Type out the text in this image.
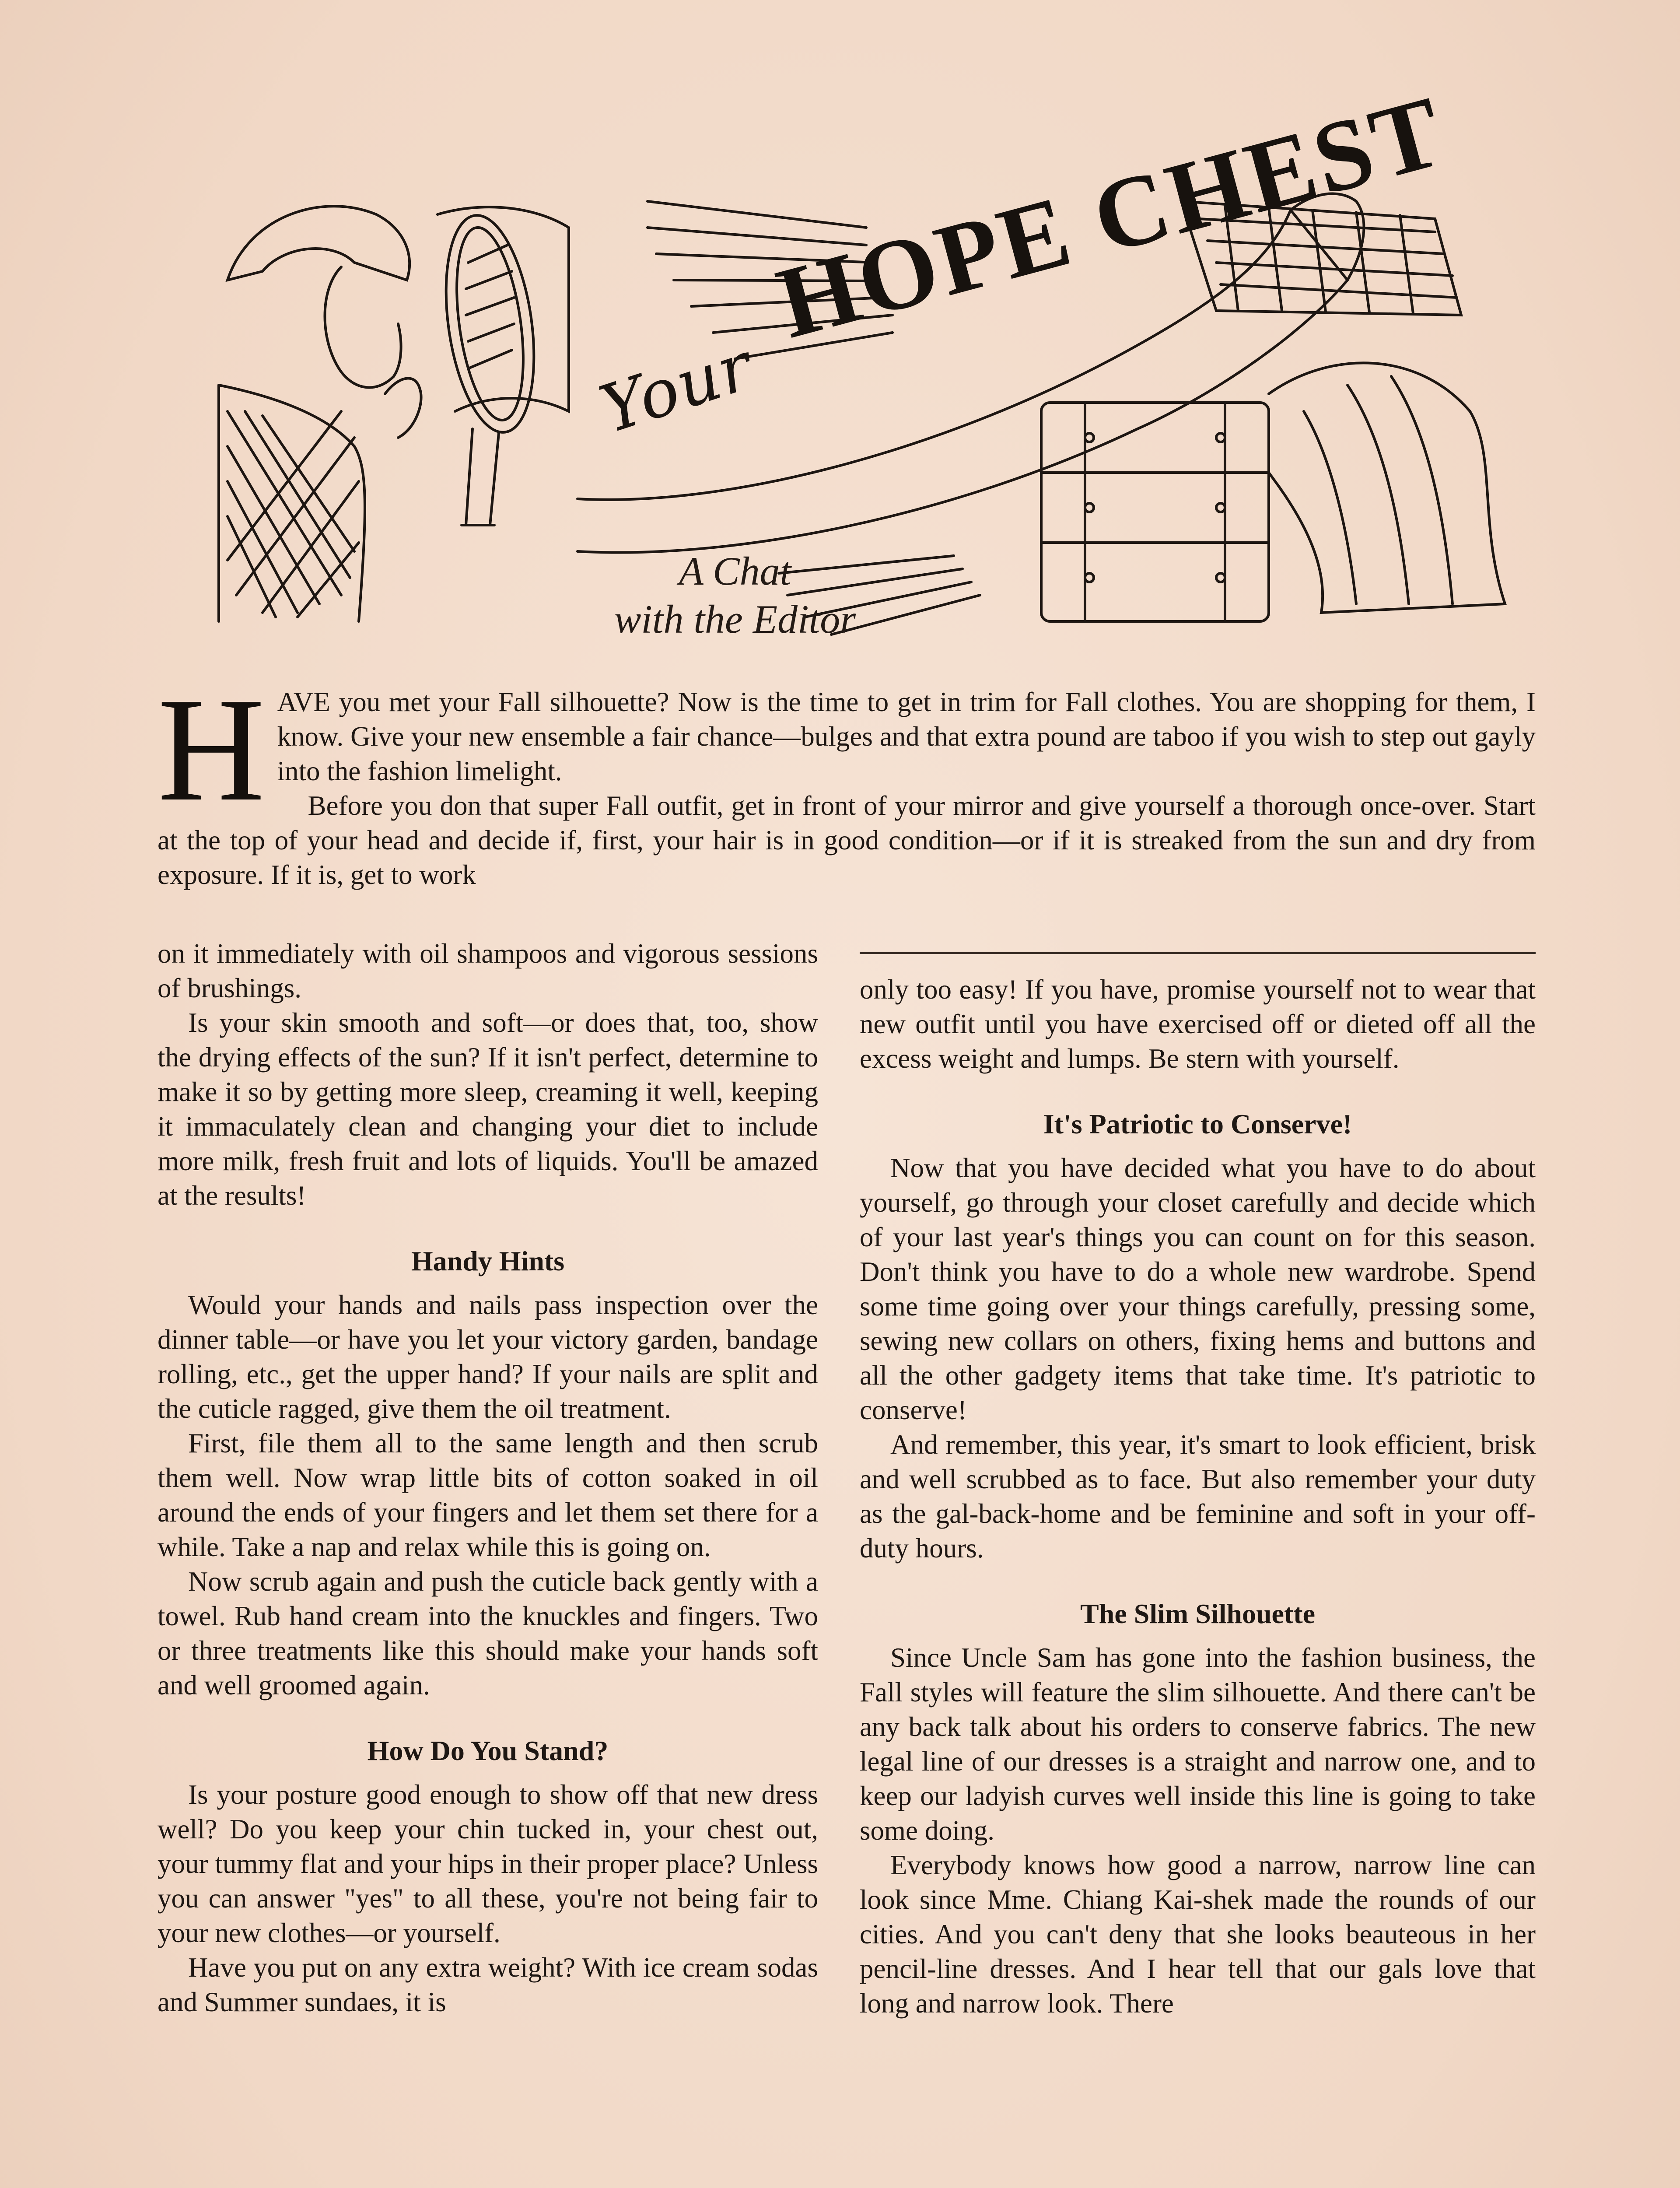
Your
HOPE CHEST
A Chat
with the Editor
H AVE you met your Fall silhouette? Now is the time to get in trim for Fall clothes. You are shopping for them, I know. Give your new ensemble a fair chance—bulges and that extra pound are taboo if you wish to step out gayly into the fashion limelight.

Before you don that super Fall outfit, get in front of your mirror and give yourself a thorough once-over. Start at the top of your head and decide if, first, your hair is in good condition—or if it is streaked from the sun and dry from exposure. If it is, get to work

on it immediately with oil shampoos and vigorous sessions of brushings.

Is your skin smooth and soft—or does that, too, show the drying effects of the sun? If it isn't perfect, determine to make it so by getting more sleep, creaming it well, keeping it immaculately clean and changing your diet to include more milk, fresh fruit and lots of liquids. You'll be amazed at the results!

Handy Hints

Would your hands and nails pass inspection over the dinner table—or have you let your victory garden, bandage rolling, etc., get the upper hand? If your nails are split and the cuticle ragged, give them the oil treatment.

First, file them all to the same length and then scrub them well. Now wrap little bits of cotton soaked in oil around the ends of your fingers and let them set there for a while. Take a nap and relax while this is going on.

Now scrub again and push the cuticle back gently with a towel. Rub hand cream into the knuckles and fingers. Two or three treatments like this should make your hands soft and well groomed again.

How Do You Stand?

Is your posture good enough to show off that new dress well? Do you keep your chin tucked in, your chest out, your tummy flat and your hips in their proper place? Unless you can answer "yes" to all these, you're not being fair to your new clothes—or yourself.

Have you put on any extra weight? With ice cream sodas and Summer sundaes, it is

only too easy! If you have, promise yourself not to wear that new outfit until you have exercised off or dieted off all the excess weight and lumps. Be stern with yourself.

It's Patriotic to Conserve!

Now that you have decided what you have to do about yourself, go through your closet carefully and decide which of your last year's things you can count on for this season. Don't think you have to do a whole new wardrobe. Spend some time going over your things carefully, pressing some, sewing new collars on others, fixing hems and buttons and all the other gadgety items that take time. It's patriotic to conserve!

And remember, this year, it's smart to look efficient, brisk and well scrubbed as to face. But also remember your duty as the gal-back-home and be feminine and soft in your off-duty hours.

The Slim Silhouette

Since Uncle Sam has gone into the fashion business, the Fall styles will feature the slim silhouette. And there can't be any back talk about his orders to conserve fabrics. The new legal line of our dresses is a straight and narrow one, and to keep our ladyish curves well inside this line is going to take some doing.

Everybody knows how good a narrow, narrow line can look since Mme. Chiang Kai-shek made the rounds of our cities. And you can't deny that she looks beauteous in her pencil-line dresses. And I hear tell that our gals love that long and narrow look. There
